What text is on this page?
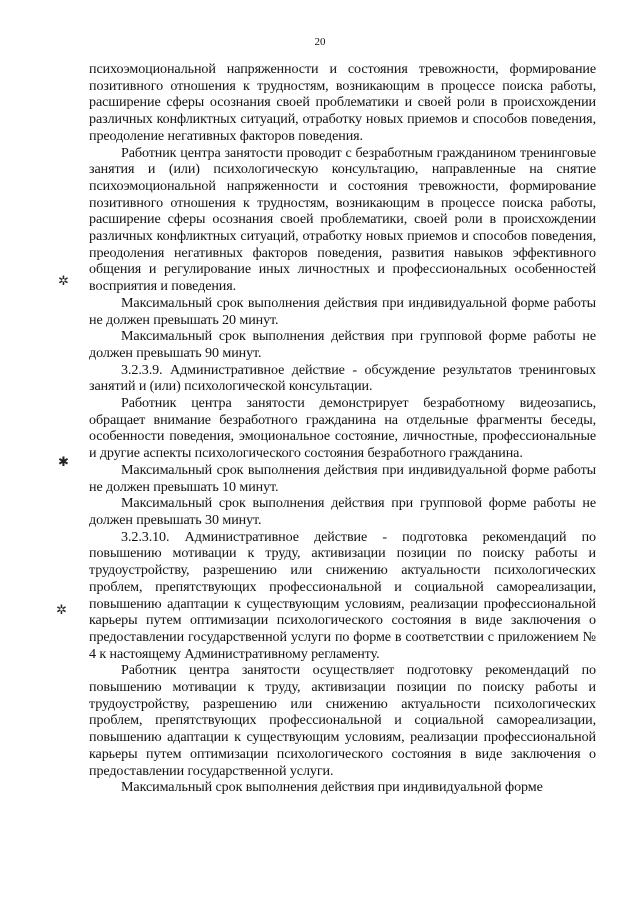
20

психоэмоциональной напряженности и состояния тревожности, формирование позитивного отношения к трудностям, возникающим в процессе поиска работы, расширение сферы осознания своей проблематики и своей роли в происхождении различных конфликтных ситуаций, отработку новых приемов и способов поведения, преодоление негативных факторов поведения.

Работник центра занятости проводит с безработным гражданином тренинговые занятия и (или) психологическую консультацию, направленные на снятие психоэмоциональной напряженности и состояния тревожности, формирование позитивного отношения к трудностям, возникающим в процессе поиска работы, расширение сферы осознания своей проблематики, своей роли в происхождении различных конфликтных ситуаций, отработку новых приемов и способов поведения, преодоления негативных факторов поведения, развития навыков эффективного общения и регулирование иных личностных и профессиональных особенностей восприятия и поведения.

Максимальный срок выполнения действия при индивидуальной форме работы не должен превышать 20 минут.

Максимальный срок выполнения действия при групповой форме работы не должен превышать 90 минут.

3.2.3.9. Административное действие - обсуждение результатов тренинговых занятий и (или) психологической консультации.

Работник центра занятости демонстрирует безработному видеозапись, обращает внимание безработного гражданина на отдельные фрагменты беседы, особенности поведения, эмоциональное состояние, личностные, профессиональные и другие аспекты психологического состояния безработного гражданина.

Максимальный срок выполнения действия при индивидуальной форме работы не должен превышать 10 минут.

Максимальный срок выполнения действия при групповой форме работы не должен превышать 30 минут.

3.2.3.10. Административное действие - подготовка рекомендаций по повышению мотивации к труду, активизации позиции по поиску работы и трудоустройству, разрешению или снижению актуальности психологических проблем, препятствующих профессиональной и социальной самореализации, повышению адаптации к существующим условиям, реализации профессиональной карьеры путем оптимизации психологического состояния в виде заключения о предоставлении государственной услуги по форме в соответствии с приложением № 4 к настоящему Административному регламенту.

Работник центра занятости осуществляет подготовку рекомендаций по повышению мотивации к труду, активизации позиции по поиску работы и трудоустройству, разрешению или снижению актуальности психологических проблем, препятствующих профессиональной и социальной самореализации, повышению адаптации к существующим условиям, реализации профессиональной карьеры путем оптимизации психологического состояния в виде заключения о предоставлении государственной услуги.

Максимальный срок выполнения действия при индивидуальной форме

✲
✱
✲
